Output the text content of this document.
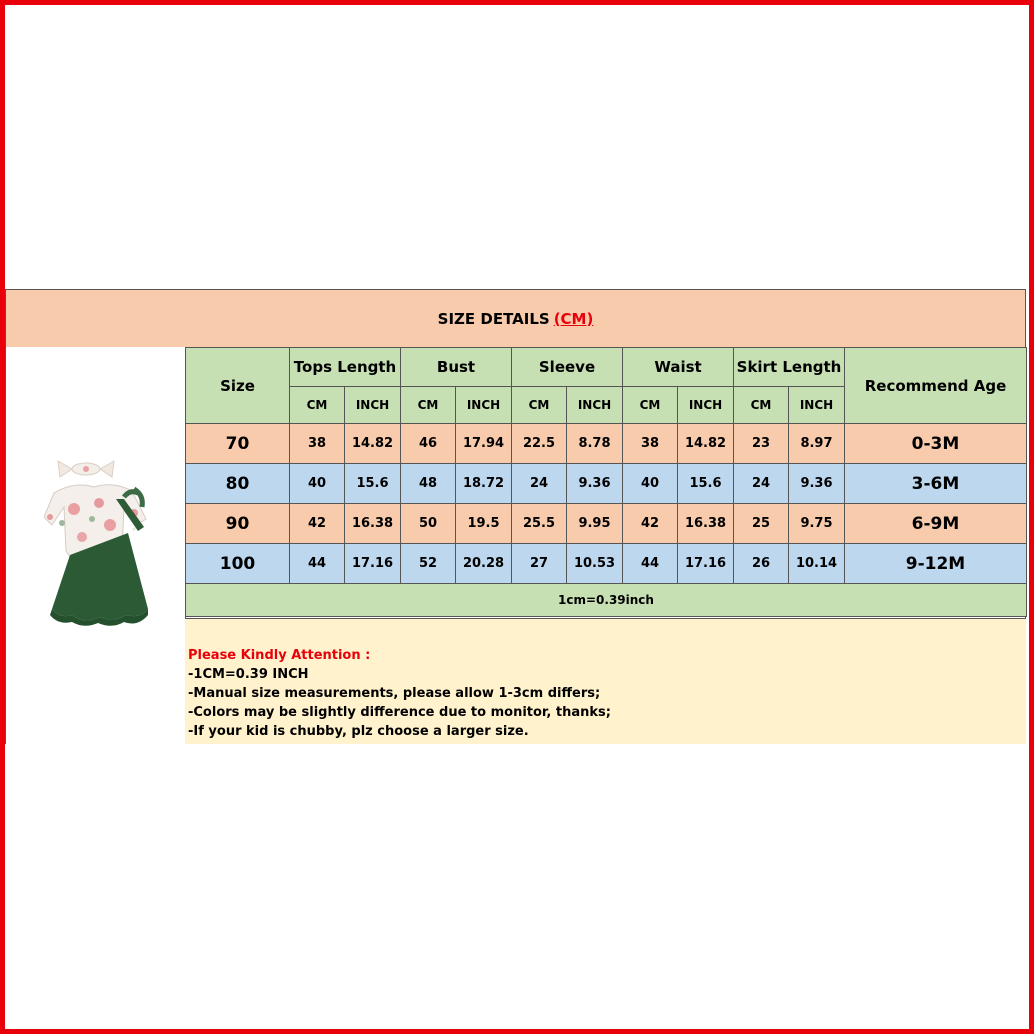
SIZE DETAILS (CM)
Size	Tops Length		Bust		Sleeve		Waist		Skirt Length		Recommend Age
	CM	INCH	CM	INCH	CM	INCH	CM	INCH	CM	INCH	
70	38	14.82	46	17.94	22.5	8.78	38	14.82	23	8.97	0-3M
80	40	15.6	48	18.72	24	9.36	40	15.6	24	9.36	3-6M
90	42	16.38	50	19.5	25.5	9.95	42	16.38	25	9.75	6-9M
100	44	17.16	52	20.28	27	10.53	44	17.16	26	10.14	9-12M
1cm=0.39inch											
Please Kindly Attention :
-1CM=0.39 INCH
-Manual size measurements, please allow 1-3cm differs;
-Colors may be slightly difference due to monitor, thanks;
-If your kid is chubby, plz choose a larger size.
